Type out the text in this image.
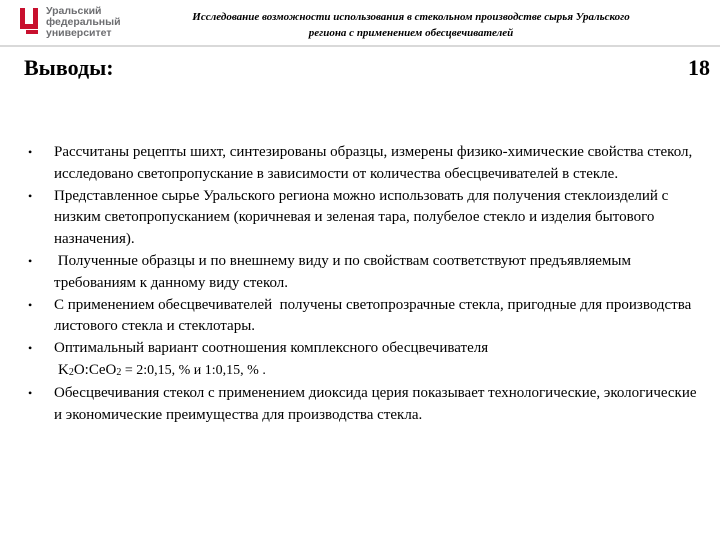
Уральский
федеральный
университет
Исследование возможности использования в стекольном производстве сырья Уральского
региона с применением обесцвечивателей
Выводы:	18
• Рассчитаны рецепты шихт, синтезированы образцы, измерены физико-химические свойства стекол, исследовано светопропускание в зависимости от количества обесцвечивателей в стекле.
• Представленное сырье Уральского региона можно использовать для получения стеклоизделий с низким светопропусканием (коричневая и зеленая тара, полубелое стекло и изделия бытового назначения).
• Полученные образцы и по внешнему виду и по свойствам соответствуют предъявляемым требованиям к данному виду стекол.
• С применением обесцвечивателей  получены светопрозрачные стекла, пригодные для производства листового стекла и стеклотары.
• Оптимальный вариант соотношения комплексного обесцвечивателя
$K_2O:CeO_2$ = 2:0,15, % и 1:0,15, % .
• Обесцвечивания стекол с применением диоксида церия показывает технологические, экологические и экономические преимущества для производства стекла.
